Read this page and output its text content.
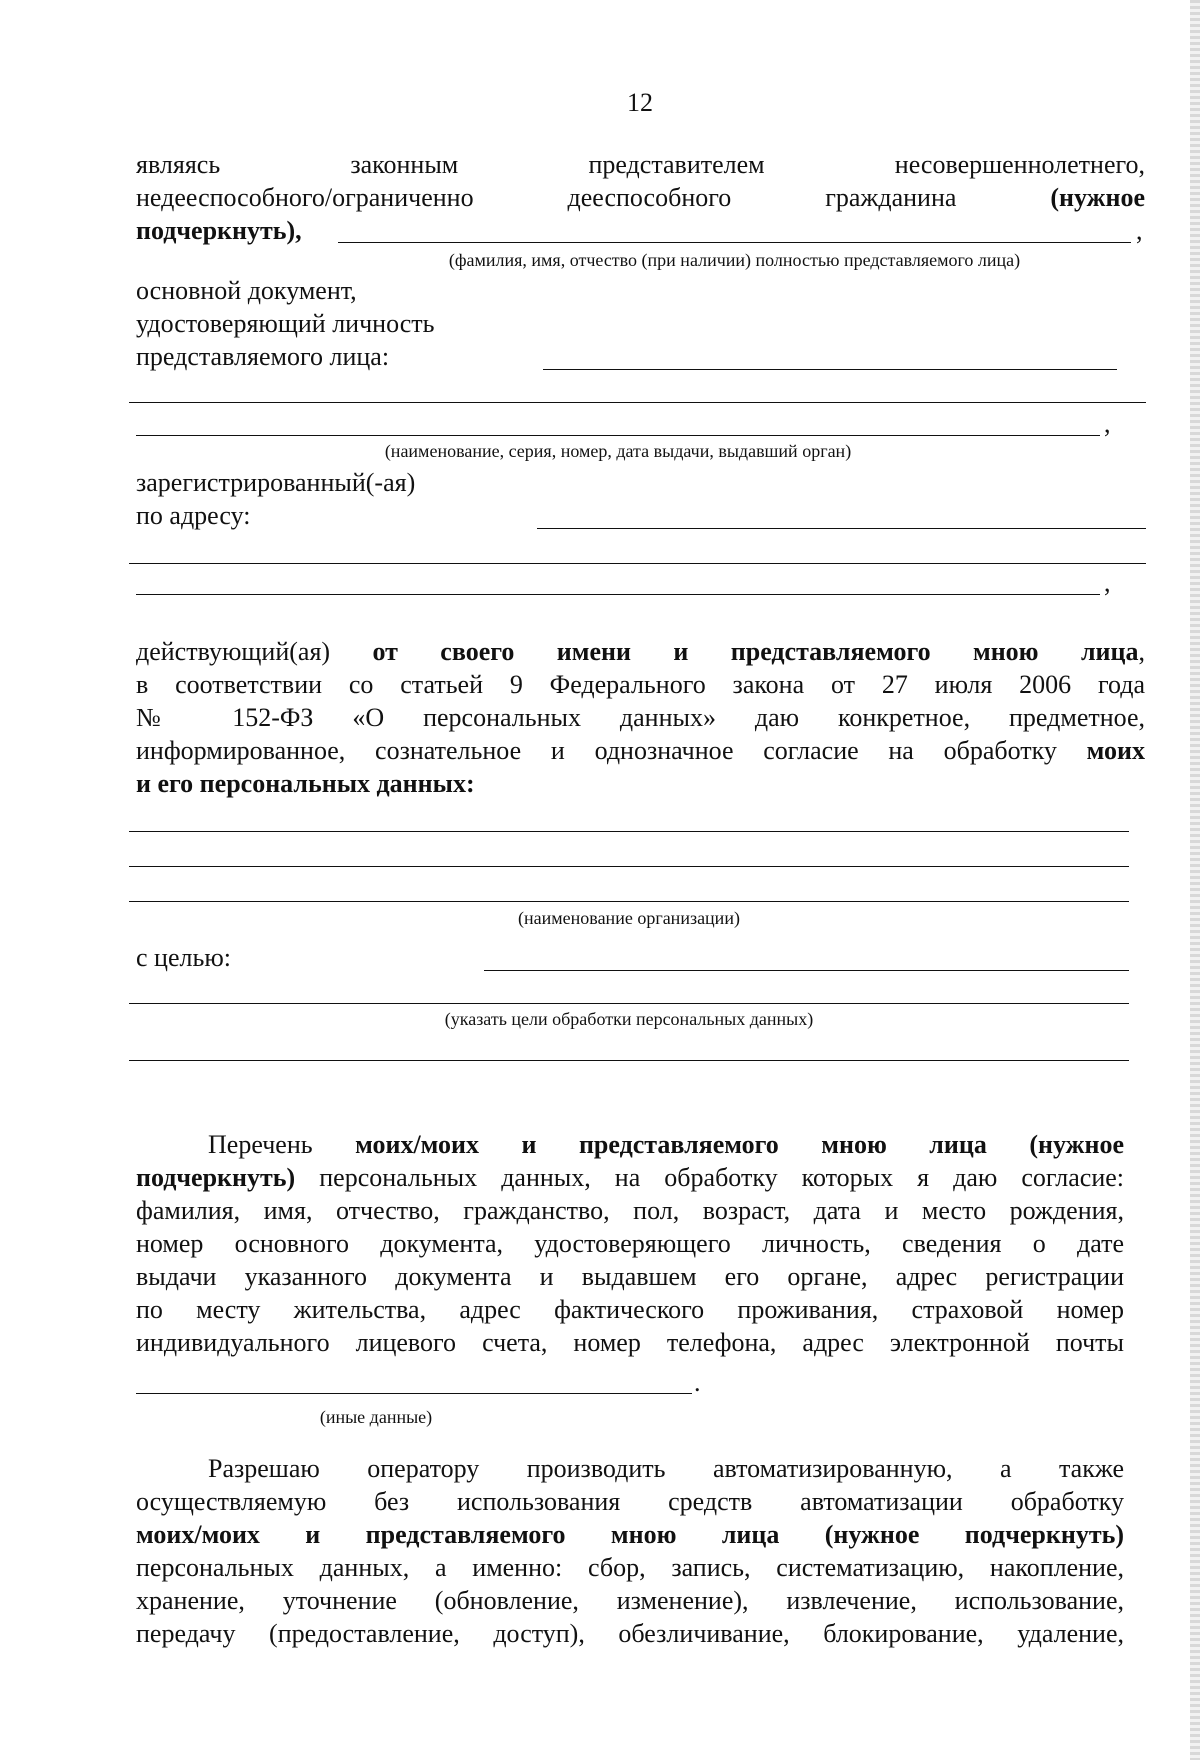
12
являясь	законным	представителем	несовершеннолетнего,
недееспособного/ограниченно	дееспособного	гражданина	(нужное
подчеркнуть),	,
(фамилия, имя, отчество (при наличии) полностью представляемого лица)
основной документ,
удостоверяющий личность
представляемого лица:
,
(наименование, серия, номер, дата выдачи, выдавший орган)
зарегистрированный(-ая)
по адресу:
,
действующий(ая) от своего имени и представляемого мною лица,
в соответствии со статьей 9 Федерального закона от 27 июля 2006 года
№ 152-ФЗ «О персональных данных» даю конкретное, предметное,
информированное, сознательное и однозначное согласие на обработку моих
и его персональных данных:
(наименование организации)
с целью:
(указать цели обработки персональных данных)
Перечень моих/моих и представляемого мною лица (нужное
подчеркнуть) персональных данных, на обработку которых я даю согласие:
фамилия, имя, отчество, гражданство, пол, возраст, дата и место рождения,
номер основного документа, удостоверяющего личность, сведения о дате
выдачи указанного документа и выдавшем его органе, адрес регистрации
по месту жительства, адрес фактического проживания, страховой номер
индивидуального лицевого счета, номер телефона, адрес электронной почты
.
(иные данные)
Разрешаю оператору производить автоматизированную, а также
осуществляемую без использования средств автоматизации обработку
моих/моих и представляемого мною лица (нужное подчеркнуть)
персональных данных, а именно: сбор, запись, систематизацию, накопление,
хранение, уточнение (обновление, изменение), извлечение, использование,
передачу (предоставление, доступ), обезличивание, блокирование, удаление,
